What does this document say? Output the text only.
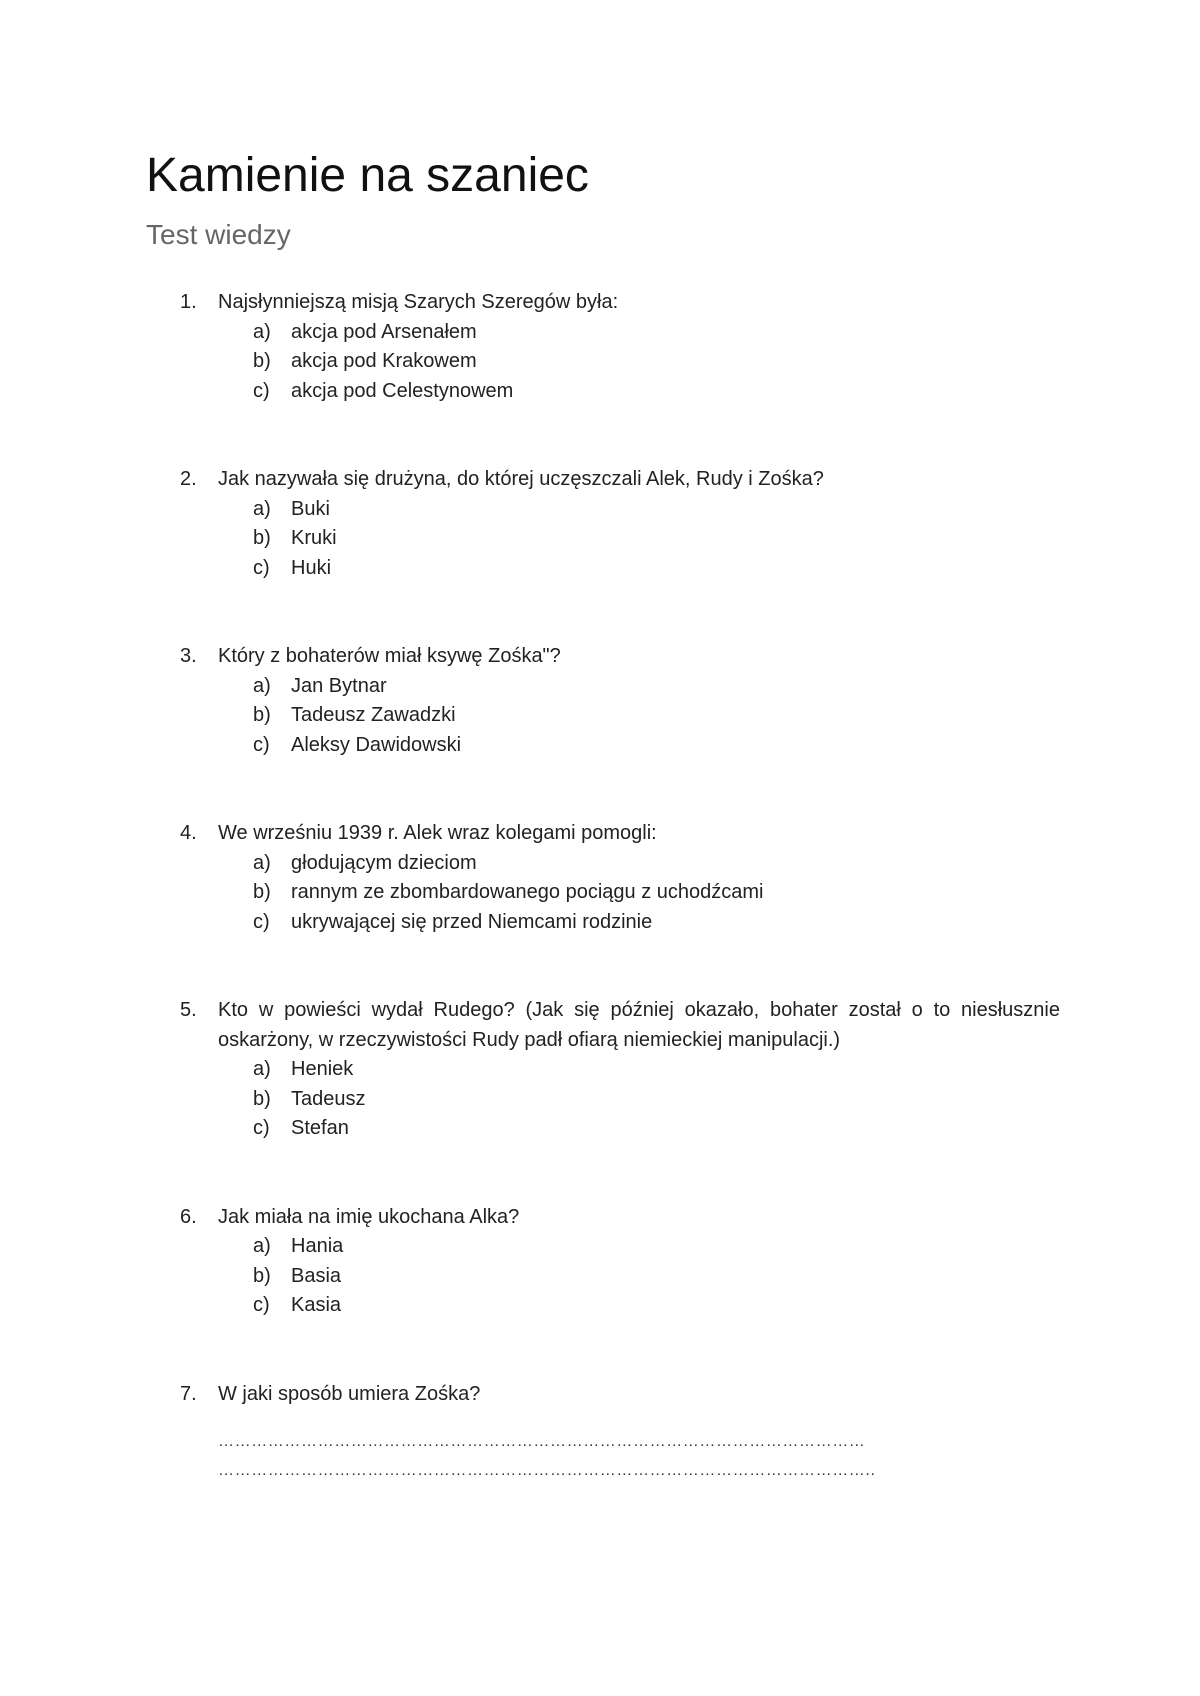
Kamienie na szaniec
Test wiedzy
1. Najsłynniejszą misją Szarych Szeregów była:
a) akcja pod Arsenałem
b) akcja pod Krakowem
c) akcja pod Celestynowem
2. Jak nazywała się drużyna, do której uczęszczali Alek, Rudy i Zośka?
a) Buki
b) Kruki
c) Huki
3. Który z bohaterów miał ksywę Zośka"?
a) Jan Bytnar
b) Tadeusz Zawadzki
c) Aleksy Dawidowski
4. We wrześniu 1939 r. Alek wraz kolegami pomogli:
a) głodującym dzieciom
b) rannym ze zbombardowanego pociągu z uchodźcami
c) ukrywającej się przed Niemcami rodzinie
5. Kto w powieści wydał Rudego? (Jak się później okazało, bohater został o to niesłusznie oskarżony, w rzeczywistości Rudy padł ofiarą niemieckiej manipulacji.)
a) Heniek
b) Tadeusz
c) Stefan
6. Jak miała na imię ukochana Alka?
a) Hania
b) Basia
c) Kasia
7. W jaki sposób umiera Zośka?
………………………………………………………………………………………………………
………………………………………………………………………………………………………..
